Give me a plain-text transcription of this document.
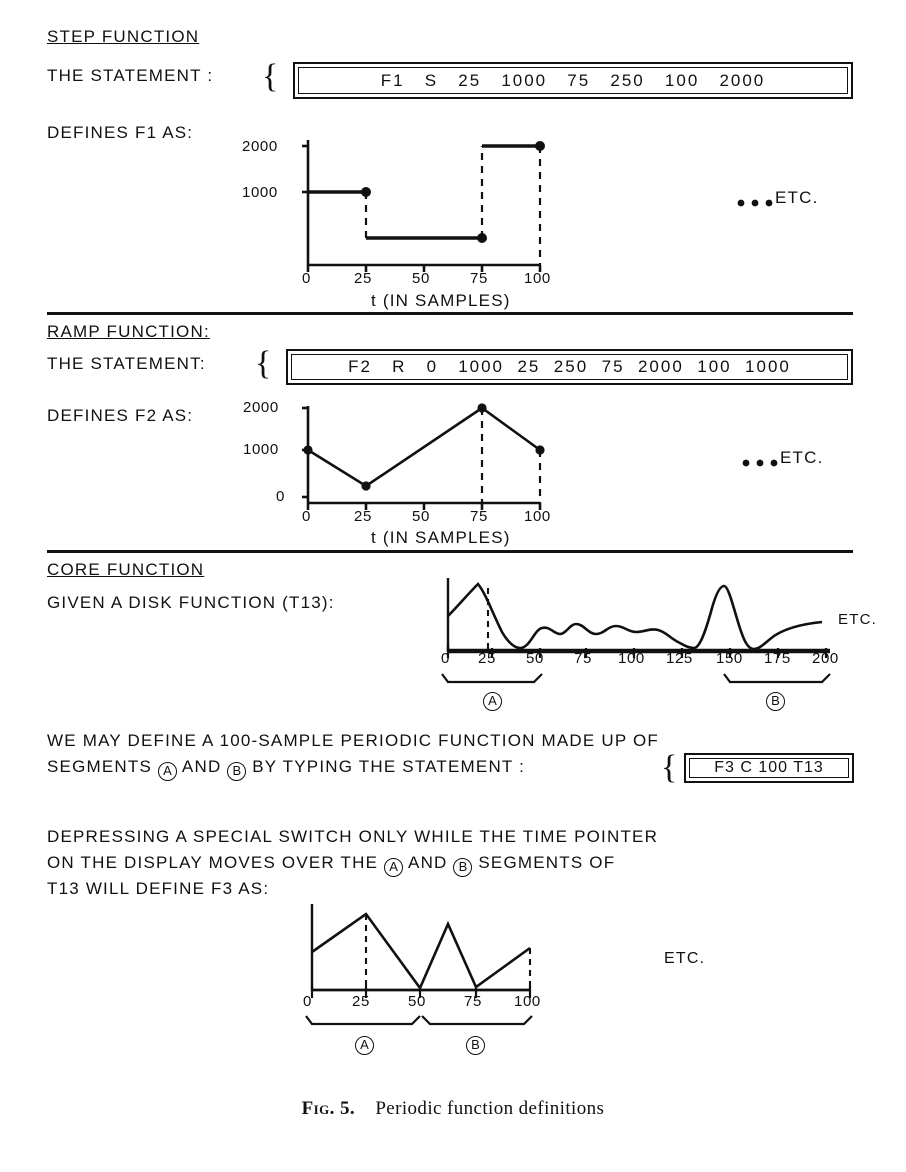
STEP FUNCTION
THE STATEMENT : {	F1   S   25   1000   75   250   100   2000
DEFINES F1 AS:
2000
1000
0	25	50	75 100
t (IN SAMPLES)
ETC.
RAMP FUNCTION:
THE STATEMENT: {	F2   R   0   1000  25  250  75  2000  100  1000
DEFINES F2 AS:	2000
1000
0
0	25	50	75 100
t (IN SAMPLES)
ETC.
CORE FUNCTION
GIVEN A DISK FUNCTION (T13):
ETC.
0 25 50 75 100 125 150 175 200
A	B
WE MAY DEFINE A 100-SAMPLE PERIODIC FUNCTION MADE UP OF
SEGMENTS A AND B BY TYPING THE STATEMENT :	{	F3 C 100 T13
DEPRESSING A SPECIAL SWITCH ONLY WHILE THE TIME POINTER
ON THE DISPLAY MOVES OVER THE A AND B SEGMENTS OF
T13 WILL DEFINE F3 AS:
0	25	50	75 100
A	B
ETC.
Fig. 5. Periodic function definitions
